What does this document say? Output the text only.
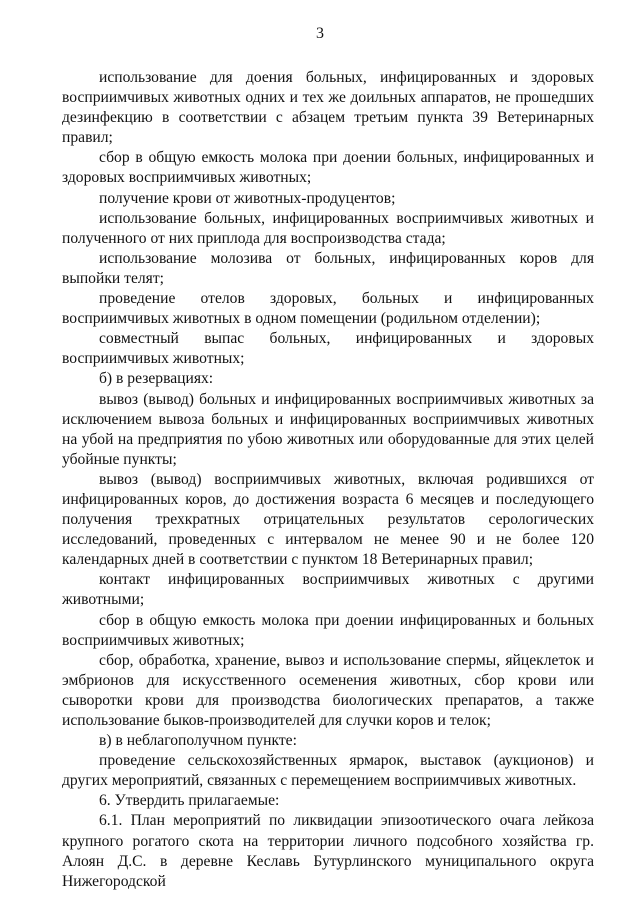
3

использование для доения больных, инфицированных и здоровых восприимчивых животных одних и тех же доильных аппаратов, не прошедших дезинфекцию в соответствии с абзацем третьим пункта 39 Ветеринарных правил;

сбор в общую емкость молока при доении больных, инфицированных и здоровых восприимчивых животных;

получение крови от животных-продуцентов;

использование больных, инфицированных восприимчивых животных и полученного от них приплода для воспроизводства стада;

использование молозива от больных, инфицированных коров для выпойки телят;

проведение отелов здоровых, больных и инфицированных восприимчивых животных в одном помещении (родильном отделении);

совместный выпас больных, инфицированных и здоровых восприимчивых животных;

б) в резервациях:

вывоз (вывод) больных и инфицированных восприимчивых животных за исключением вывоза больных и инфицированных восприимчивых животных на убой на предприятия по убою животных или оборудованные для этих целей убойные пункты;

вывоз (вывод) восприимчивых животных, включая родившихся от инфицированных коров, до достижения возраста 6 месяцев и последующего получения трехкратных отрицательных результатов серологических исследований, проведенных с интервалом не менее 90 и не более 120 календарных дней в соответствии с пунктом 18 Ветеринарных правил;

контакт инфицированных восприимчивых животных с другими животными;

сбор в общую емкость молока при доении инфицированных и больных восприимчивых животных;

сбор, обработка, хранение, вывоз и использование спермы, яйцеклеток и эмбрионов для искусственного осеменения животных, сбор крови или сыворотки крови для производства биологических препаратов, а также использование быков-производителей для случки коров и телок;

в) в неблагополучном пункте:

проведение сельскохозяйственных ярмарок, выставок (аукционов) и других мероприятий, связанных с перемещением восприимчивых животных.

6. Утвердить прилагаемые:

6.1. План мероприятий по ликвидации эпизоотического очага лейкоза крупного рогатого скота на территории личного подсобного хозяйства гр. Алоян Д.С. в деревне Кеславь Бутурлинского муниципального округа Нижегородской
